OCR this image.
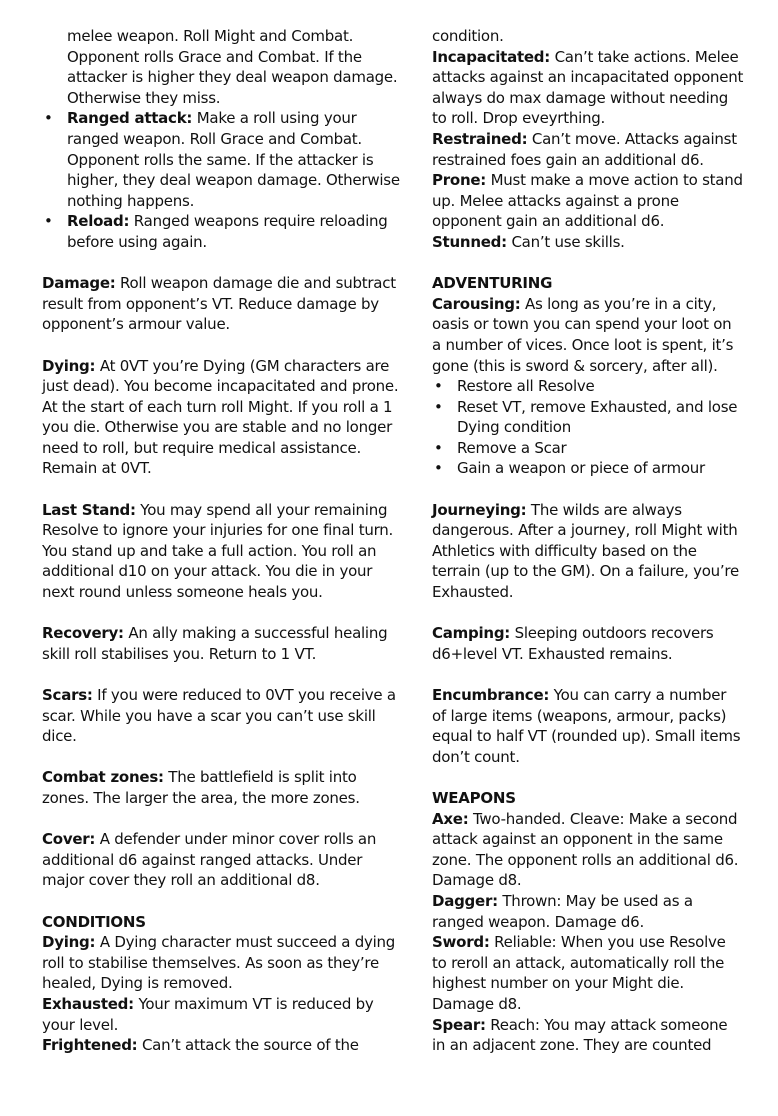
melee weapon. Roll Might and Combat. Opponent rolls Grace and Combat. If the attacker is higher they deal weapon damage. Otherwise they miss.

• Ranged attack: Make a roll using your ranged weapon. Roll Grace and Combat. Opponent rolls the same. If the attacker is higher, they deal weapon damage. Otherwise nothing happens.
• Reload: Ranged weapons require reloading before using again.

Damage: Roll weapon damage die and subtract result from opponent’s VT. Reduce damage by opponent’s armour value.

Dying: At 0VT you’re Dying (GM characters are just dead). You become incapacitated and prone. At the start of each turn roll Might. If you roll a 1 you die. Otherwise you are stable and no longer need to roll, but require medical assistance. Remain at 0VT.

Last Stand: You may spend all your remaining Resolve to ignore your injuries for one final turn. You stand up and take a full action. You roll an additional d10 on your attack. You die in your next round unless someone heals you.

Recovery: An ally making a successful healing skill roll stabilises you. Return to 1 VT.

Scars: If you were reduced to 0VT you receive a scar. While you have a scar you can’t use skill dice.

Combat zones: The battlefield is split into zones. The larger the area, the more zones.

Cover: A defender under minor cover rolls an additional d6 against ranged attacks. Under major cover they roll an additional d8.

CONDITIONS

Dying: A Dying character must succeed a dying roll to stabilise themselves. As soon as they’re healed, Dying is removed.

Exhausted: Your maximum VT is reduced by your level.

Frightened: Can’t attack the source of the

condition.

Incapacitated: Can’t take actions. Melee attacks against an incapacitated opponent always do max damage without needing to roll. Drop eveyrthing.

Restrained: Can’t move. Attacks against restrained foes gain an additional d6.

Prone: Must make a move action to stand up. Melee attacks against a prone opponent gain an additional d6.

Stunned: Can’t use skills.

ADVENTURING

Carousing: As long as you’re in a city, oasis or town you can spend your loot on a number of vices. Once loot is spent, it’s gone (this is sword & sorcery, after all).

• Restore all Resolve
• Reset VT, remove Exhausted, and lose Dying condition
• Remove a Scar
• Gain a weapon or piece of armour

Journeying: The wilds are always dangerous. After a journey, roll Might with Athletics with difficulty based on the terrain (up to the GM). On a failure, you’re Exhausted.

Camping: Sleeping outdoors recovers d6+level VT. Exhausted remains.

Encumbrance: You can carry a number of large items (weapons, armour, packs) equal to half VT (rounded up). Small items don’t count.

WEAPONS

Axe: Two-handed. Cleave: Make a second attack against an opponent in the same zone. The opponent rolls an additional d6. Damage d8.

Dagger: Thrown: May be used as a ranged weapon. Damage d6.

Sword: Reliable: When you use Resolve to reroll an attack, automatically roll the highest number on your Might die. Damage d8.

Spear: Reach: You may attack someone in an adjacent zone. They are counted
